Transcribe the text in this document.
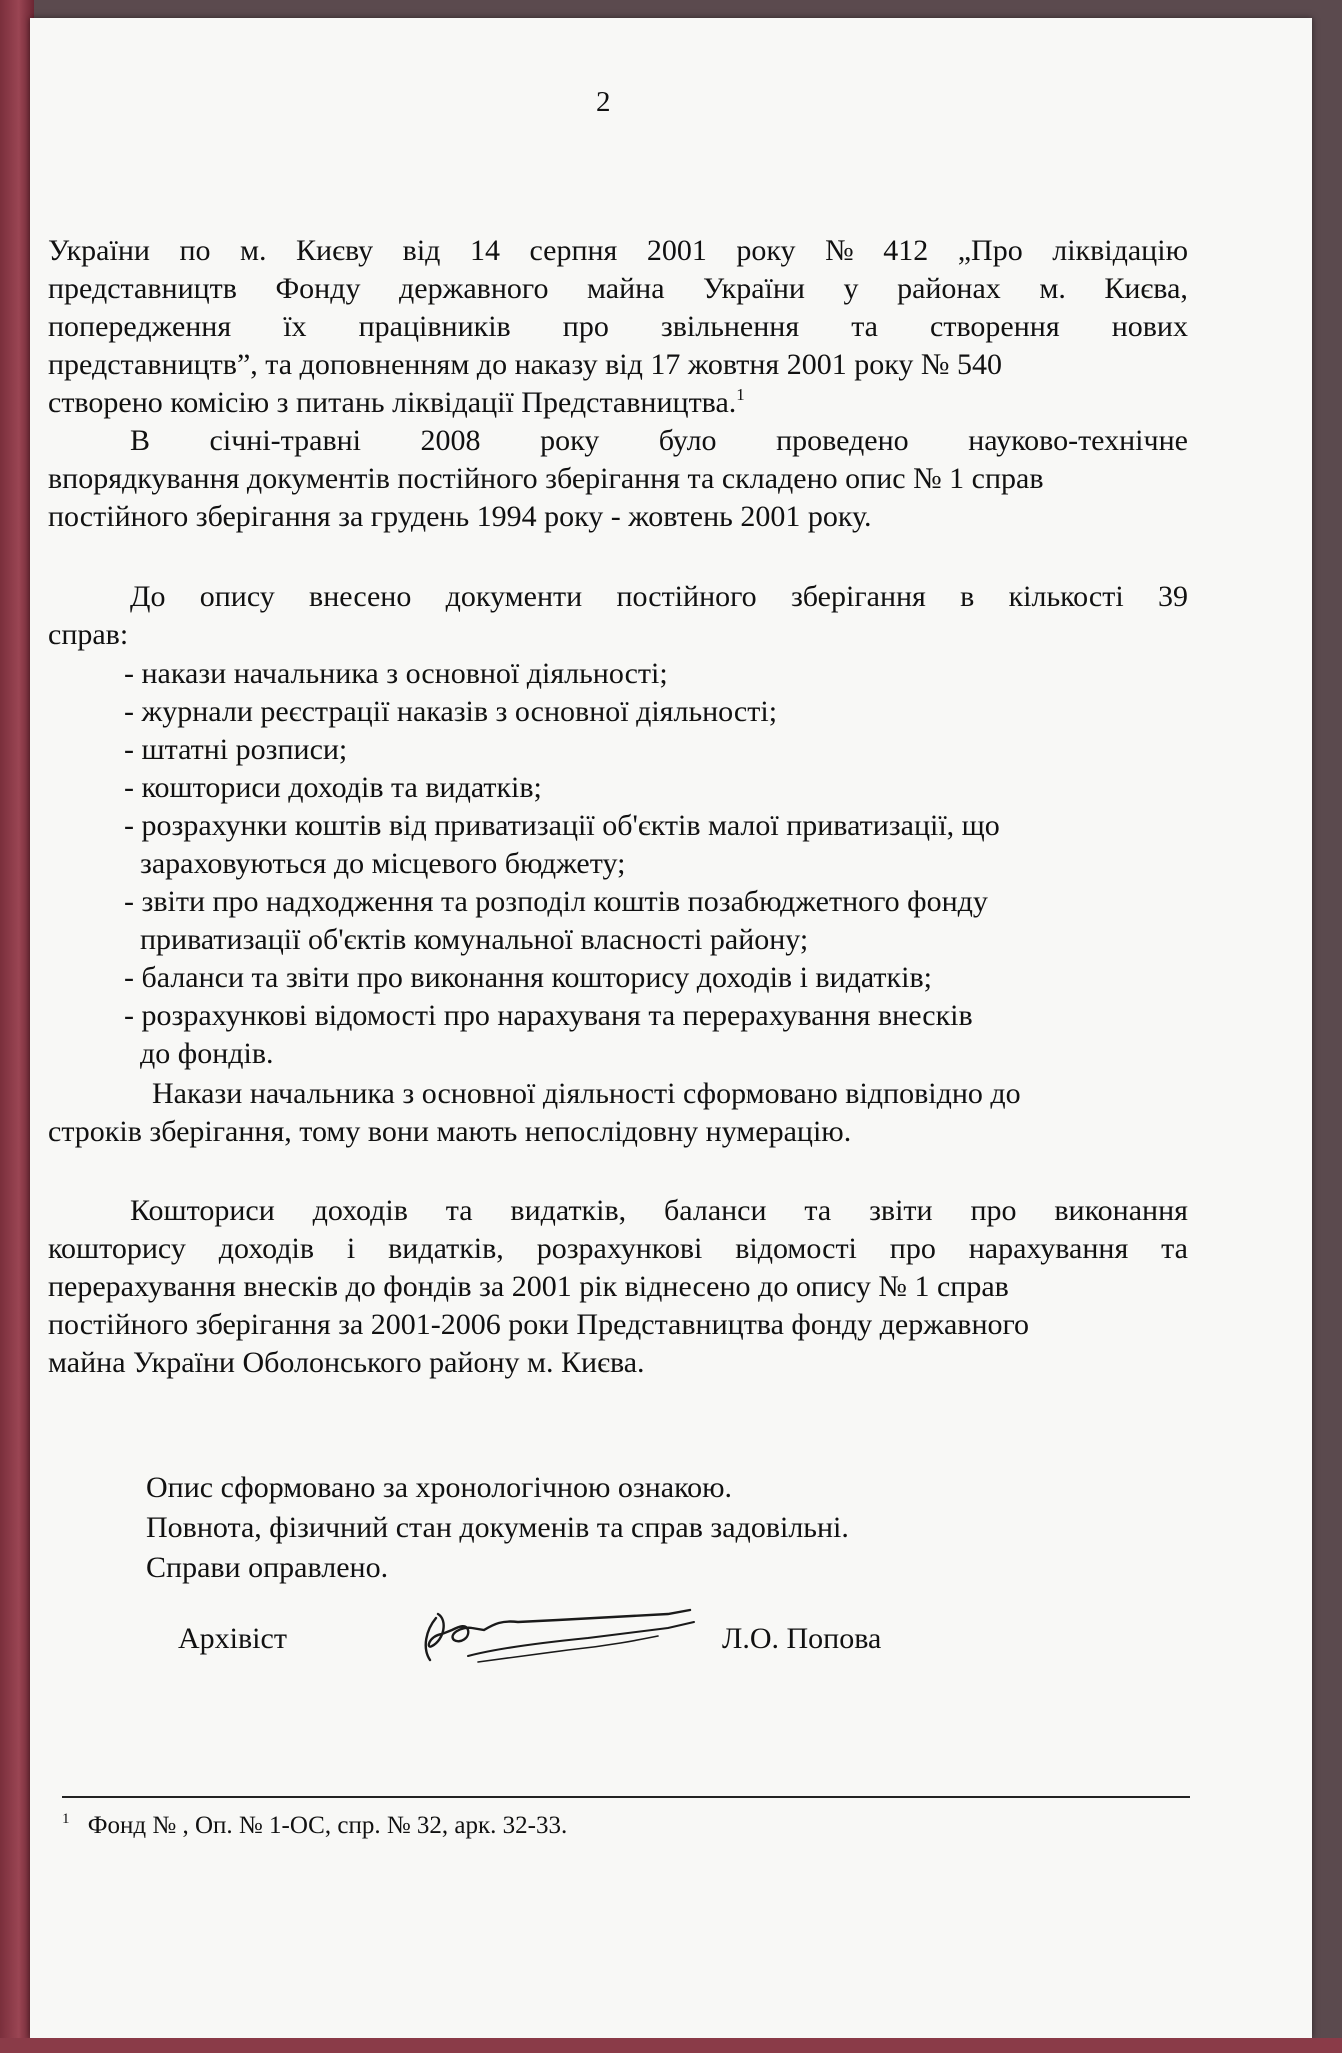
2
України по м. Києву від 14 серпня 2001 року № 412 „Про ліквідацію
представництв Фонду державного майна України у районах м. Києва,
попередження їх працівників про звільнення та створення нових
представництв”, та доповненням до наказу від 17 жовтня 2001 року № 540
створено комісію з питань ліквідації Представництва.$^1$
В січні-травні 2008 року було проведено науково-технічне
впорядкування документів постійного зберігання та складено опис № 1 справ
постійного зберігання за грудень 1994 року - жовтень 2001 року.
До опису внесено документи постійного зберігання в кількості 39
справ:
- накази начальника з основної діяльності;
- журнали реєстрації наказів з основної діяльності;
- штатні розписи;
- кошториси доходів та видатків;
- розрахунки коштів від приватизації об'єктів малої приватизації, що
зараховуються до місцевого бюджету;
- звіти про надходження та розподіл коштів позабюджетного фонду
приватизації об'єктів комунальної власності району;
- баланси та звіти про виконання кошторису доходів і видатків;
- розрахункові відомості про нарахуваня та перерахування внесків
до фондів.
Накази начальника з основної діяльності сформовано відповідно до
строків зберігання, тому вони мають непослідовну нумерацію.
Кошториси доходів та видатків, баланси та звіти про виконання
кошторису доходів і видатків, розрахункові відомості про нарахування та
перерахування внесків до фондів за 2001 рік віднесено до опису № 1 справ
постійного зберігання за 2001-2006 роки Представництва фонду державного
майна України Оболонського району м. Києва.
Опис сформовано за хронологічною ознакою.
Повнота, фізичний стан докуменів та справ задовільні.
Справи оправлено.
Архівіст	Л.О. Попова
$^1$ Фонд № , Оп. № 1-ОС, спр. № 32, арк. 32-33.
